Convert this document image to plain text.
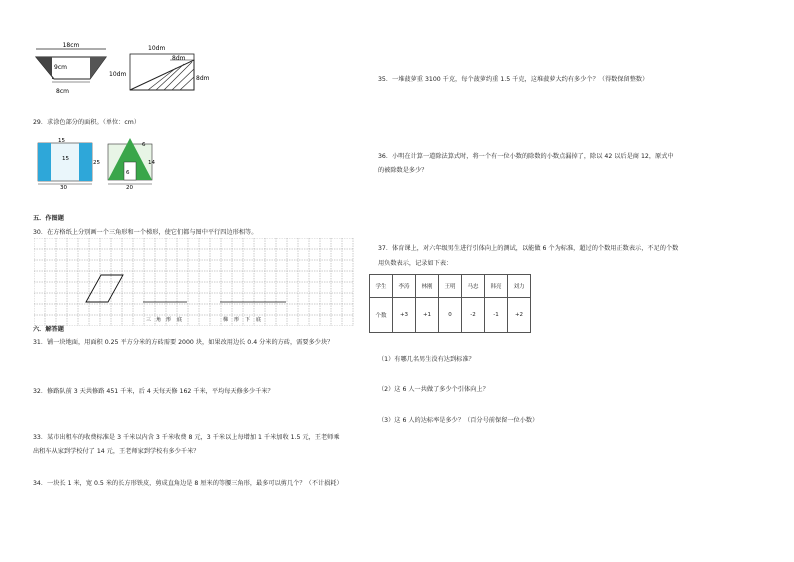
18cm
9cm
8cm
10dm
10dm
8dm
8dm
29．求涂色部分的面积。（单位：cm）
15
15
25
30
6
14
6
20
五．作图题
30．在方格纸上分别画一个三角形和一个梯形，使它们都与图中平行四边形相等。
三 角 形 底	梯 形 下 底
六．解答题
31．铺一块地面，用面积 0.25 平方分米的方砖需要 2000 块，如果改用边长 0.4 分米的方砖，需要多少块？
32．修路队前 3 天共修路 451 千米，后 4 天每天修 162 千米，平均每天修多少千米？
33．某市出租车的收费标准是 3 千米以内含 3 千米收费 8 元，3 千米以上每增加 1 千米加收 1.5 元，王老师乘
出租车从家到学校付了 14 元，王老师家到学校有多少千米？
34．一块长 1 米，宽 0.5 米的长方形铁皮，剪成直角边是 8 厘米的等腰三角形，最多可以剪几个？（不计损耗）
35．一堆菠萝重 3100 千克，每个菠萝约重 1.5 千克，这堆菠萝大约有多少个？（得数保留整数）
36．小明在计算一道除法算式时，将一个有一位小数的除数的小数点漏掉了，除以 42 以后是商 12，原式中
的被除数是多少？
37．体育课上，对六年级男生进行引体向上的测试，以能做 6 个为标准，超过的个数用正数表示，不足的个数
用负数表示，记录如下表：
学生	李涛	林刚	王明	马忠	韩亮	刘力
个数	+3	+1	0	-2	-1	+2
（1）有哪几名男生没有达到标准？
（2）这 6 人一共做了多少个引体向上？
（3）这 6 人的达标率是多少？（百分号前保留一位小数）
